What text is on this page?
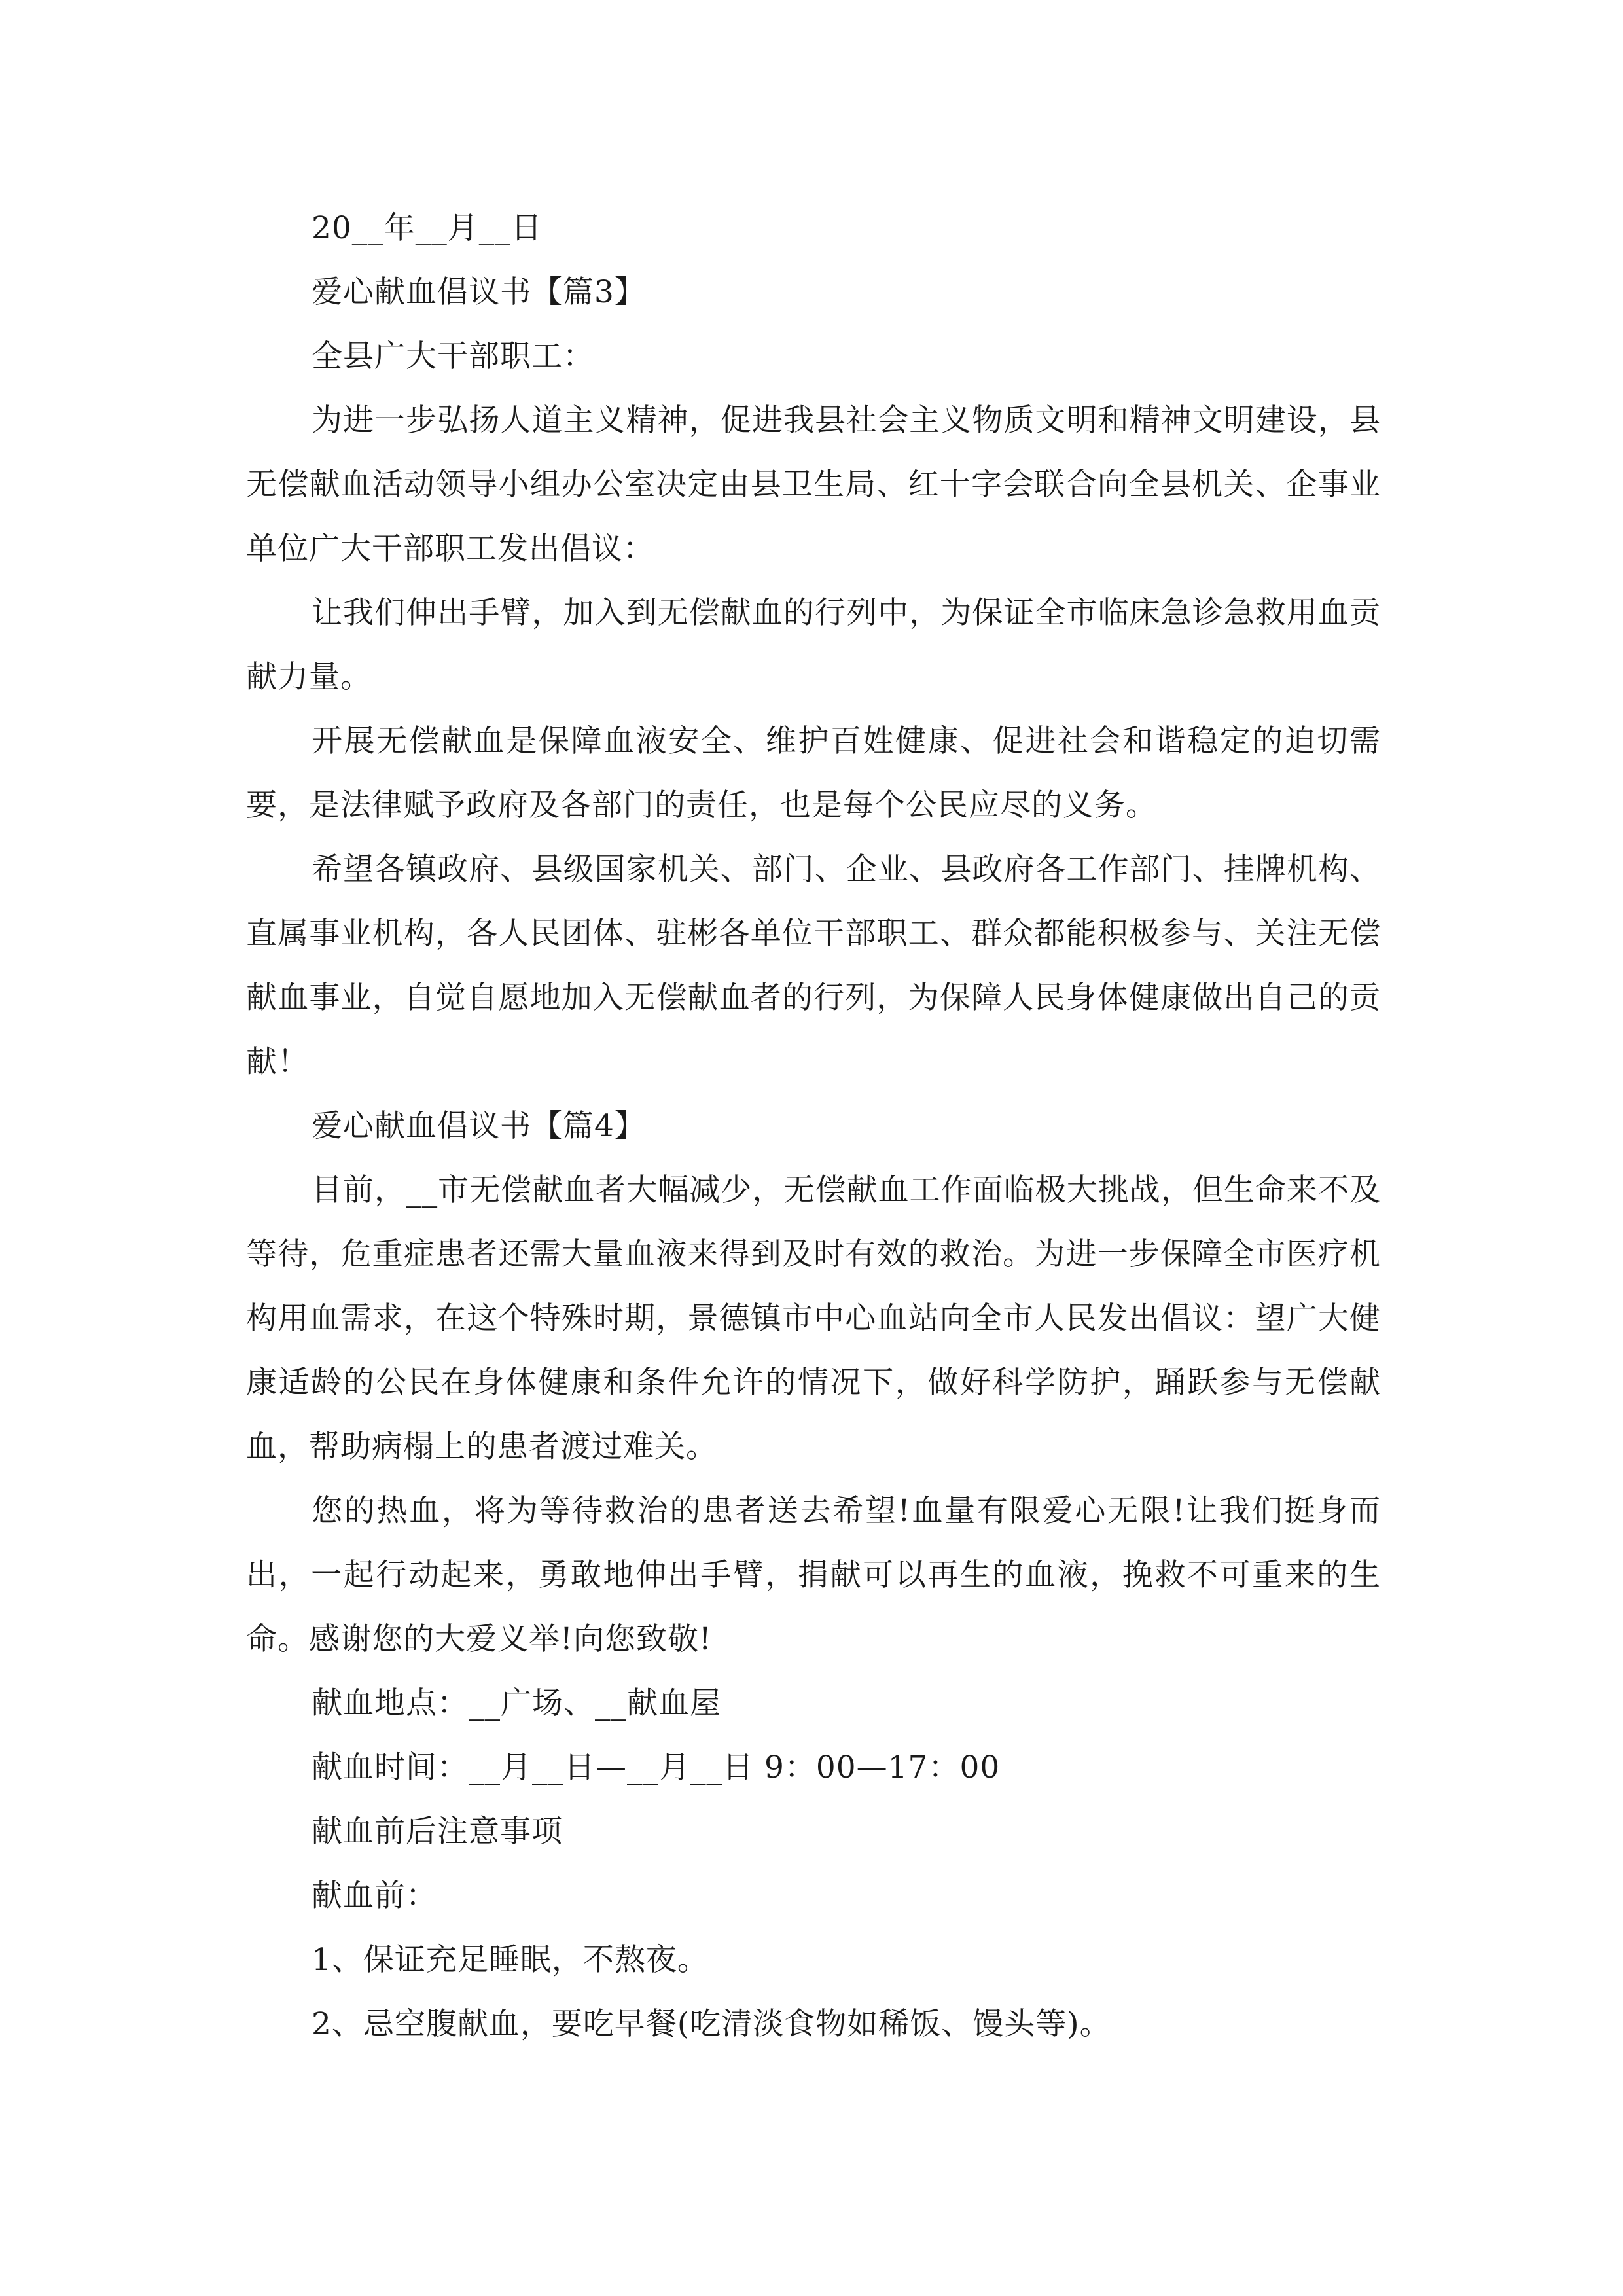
20__年__月__日
爱心献血倡议书【篇3】
全县广大干部职工：

为进一步弘扬人道主义精神，促进我县社会主义物质文明和精神文明建设，县无偿献血活动领导小组办公室决定由县卫生局、红十字会联合向全县机关、企事业单位广大干部职工发出倡议：

让我们伸出手臂，加入到无偿献血的行列中，为保证全市临床急诊急救用血贡献力量。

开展无偿献血是保障血液安全、维护百姓健康、促进社会和谐稳定的迫切需要，是法律赋予政府及各部门的责任，也是每个公民应尽的义务。

希望各镇政府、县级国家机关、部门、企业、县政府各工作部门、挂牌机构、直属事业机构，各人民团体、驻彬各单位干部职工、群众都能积极参与、关注无偿献血事业，自觉自愿地加入无偿献血者的行列，为保障人民身体健康做出自己的贡献！

爱心献血倡议书【篇4】

目前，__市无偿献血者大幅减少，无偿献血工作面临极大挑战，但生命来不及等待，危重症患者还需大量血液来得到及时有效的救治。为进一步保障全市医疗机构用血需求，在这个特殊时期，景德镇市中心血站向全市人民发出倡议：望广大健康适龄的公民在身体健康和条件允许的情况下，做好科学防护，踊跃参与无偿献血，帮助病榻上的患者渡过难关。

您的热血，将为等待救治的患者送去希望!血量有限爱心无限!让我们挺身而出，一起行动起来，勇敢地伸出手臂，捐献可以再生的血液，挽救不可重来的生命。感谢您的大爱义举!向您致敬!

献血地点：__广场、__献血屋
献血时间：__月__日—__月__日 9：00—17：00
献血前后注意事项
献血前：
1、保证充足睡眠，不熬夜。
2、忌空腹献血，要吃早餐(吃清淡食物如稀饭、馒头等)。
